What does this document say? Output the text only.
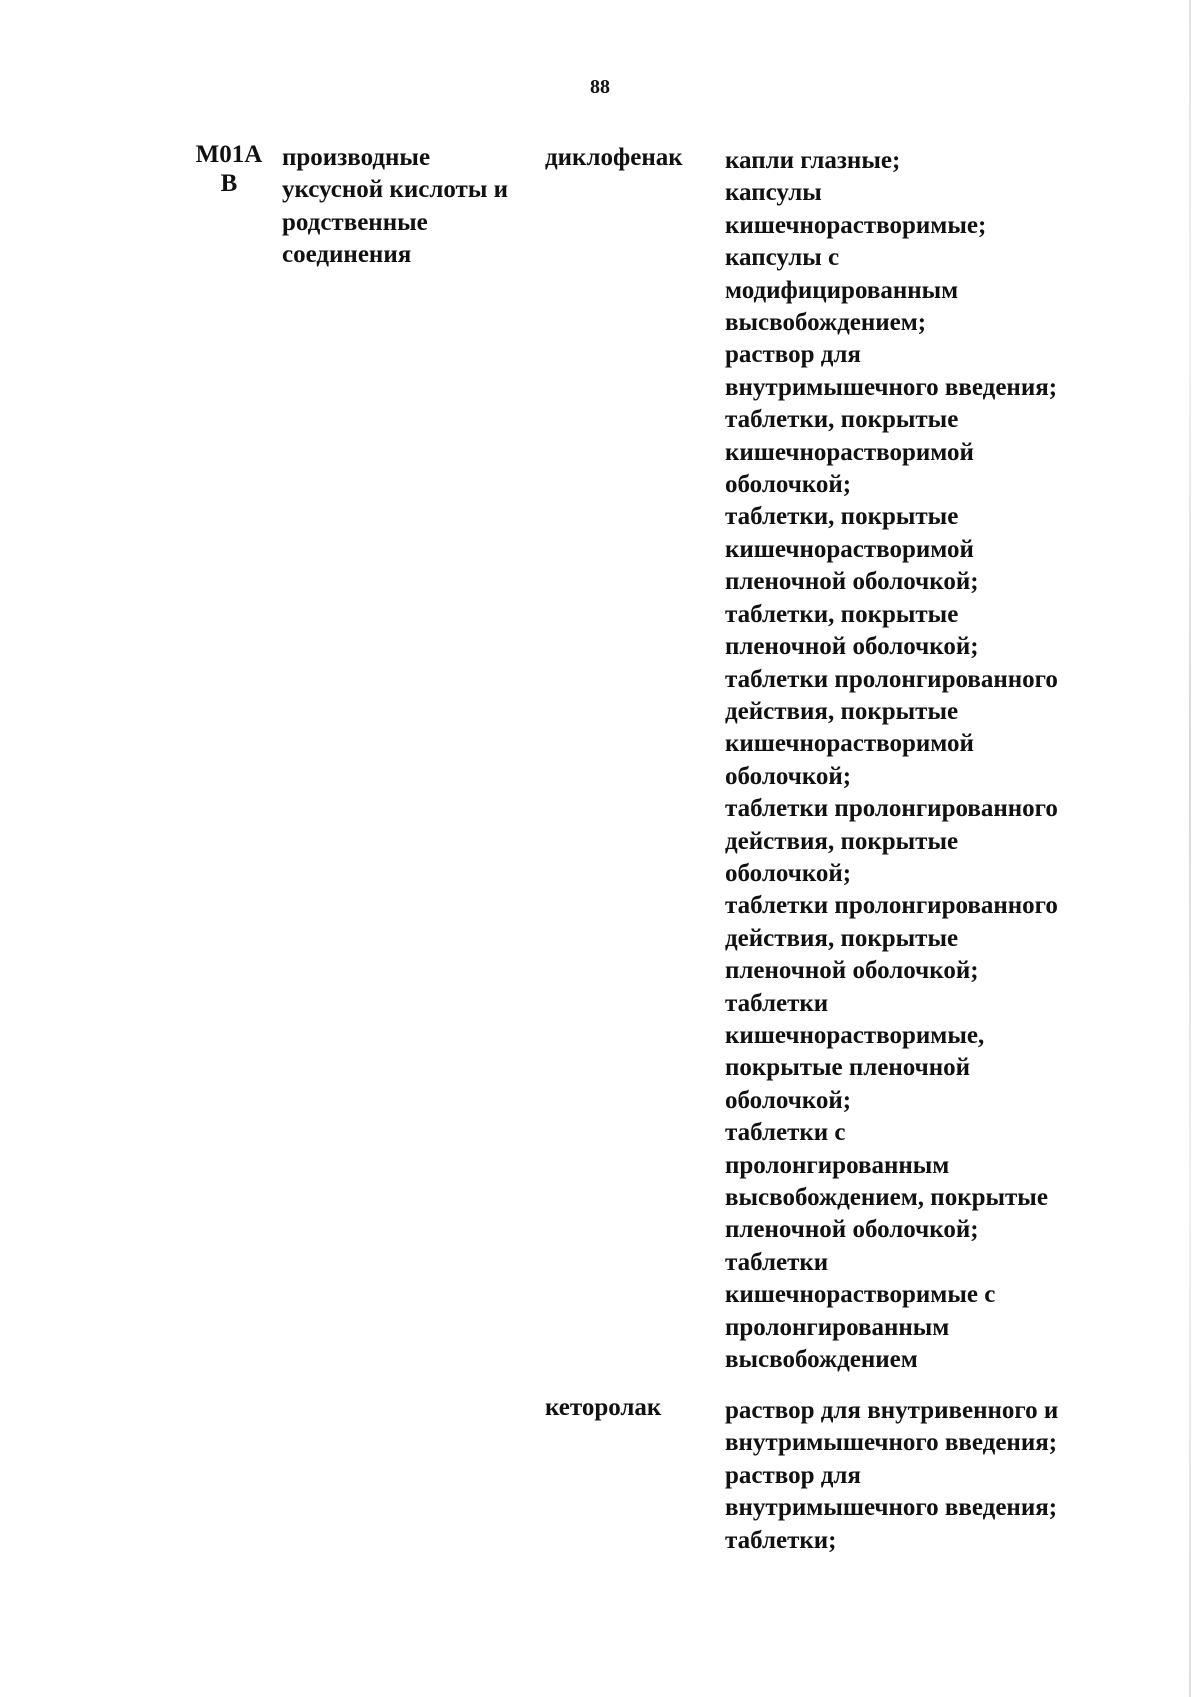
88
M01A
B
производные
уксусной кислоты и
родственные
соединения
диклофенак капли глазные;
капсулы
кишечнорастворимые;
капсулы с
модифицированным
высвобождением;
раствор для
внутримышечного введения;
таблетки, покрытые
кишечнорастворимой
оболочкой;
таблетки, покрытые
кишечнорастворимой
пленочной оболочкой;
таблетки, покрытые
пленочной оболочкой;
таблетки пролонгированного
действия, покрытые
кишечнорастворимой
оболочкой;
таблетки пролонгированного
действия, покрытые
оболочкой;
таблетки пролонгированного
действия, покрытые
пленочной оболочкой;
таблетки
кишечнорастворимые,
покрытые пленочной
оболочкой;
таблетки с
пролонгированным
высвобождением, покрытые
пленочной оболочкой;
таблетки
кишечнорастворимые с
пролонгированным
высвобождением
кеторолак	раствор для внутривенного и
внутримышечного введения;
раствор для
внутримышечного введения;
таблетки;
